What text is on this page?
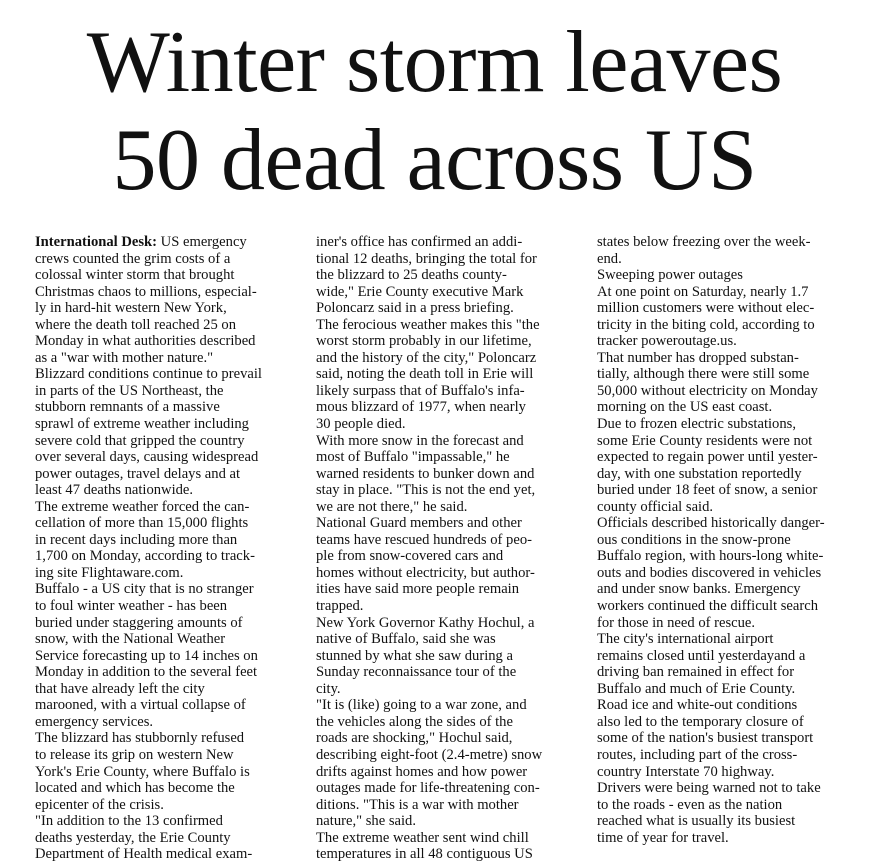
Winter storm leaves
50 dead across US
International Desk: US emergency
crews counted the grim costs of a
colossal winter storm that brought
Christmas chaos to millions, especial-
ly in hard-hit western New York,
where the death toll reached 25 on
Monday in what authorities described
as a "war with mother nature."
Blizzard conditions continue to prevail
in parts of the US Northeast, the
stubborn remnants of a massive
sprawl of extreme weather including
severe cold that gripped the country
over several days, causing widespread
power outages, travel delays and at
least 47 deaths nationwide.
The extreme weather forced the can-
cellation of more than 15,000 flights
in recent days including more than
1,700 on Monday, according to track-
ing site Flightaware.com.
Buffalo - a US city that is no stranger
to foul winter weather - has been
buried under staggering amounts of
snow, with the National Weather
Service forecasting up to 14 inches on
Monday in addition to the several feet
that have already left the city
marooned, with a virtual collapse of
emergency services.
The blizzard has stubbornly refused
to release its grip on western New
York's Erie County, where Buffalo is
located and which has become the
epicenter of the crisis.
"In addition to the 13 confirmed
deaths yesterday, the Erie County
Department of Health medical exam-
iner's office has confirmed an addi-
tional 12 deaths, bringing the total for
the blizzard to 25 deaths county-
wide," Erie County executive Mark
Poloncarz said in a press briefing.
The ferocious weather makes this "the
worst storm probably in our lifetime,
and the history of the city," Poloncarz
said, noting the death toll in Erie will
likely surpass that of Buffalo's infa-
mous blizzard of 1977, when nearly
30 people died.
With more snow in the forecast and
most of Buffalo "impassable," he
warned residents to bunker down and
stay in place. "This is not the end yet,
we are not there," he said.
National Guard members and other
teams have rescued hundreds of peo-
ple from snow-covered cars and
homes without electricity, but author-
ities have said more people remain
trapped.
New York Governor Kathy Hochul, a
native of Buffalo, said she was
stunned by what she saw during a
Sunday reconnaissance tour of the
city.
"It is (like) going to a war zone, and
the vehicles along the sides of the
roads are shocking," Hochul said,
describing eight-foot (2.4-metre) snow
drifts against homes and how power
outages made for life-threatening con-
ditions. "This is a war with mother
nature," she said.
The extreme weather sent wind chill
temperatures in all 48 contiguous US
states below freezing over the week-
end.
Sweeping power outages
At one point on Saturday, nearly 1.7
million customers were without elec-
tricity in the biting cold, according to
tracker poweroutage.us.
That number has dropped substan-
tially, although there were still some
50,000 without electricity on Monday
morning on the US east coast.
Due to frozen electric substations,
some Erie County residents were not
expected to regain power until yester-
day, with one substation reportedly
buried under 18 feet of snow, a senior
county official said.
Officials described historically danger-
ous conditions in the snow-prone
Buffalo region, with hours-long white-
outs and bodies discovered in vehicles
and under snow banks. Emergency
workers continued the difficult search
for those in need of rescue.
The city's international airport
remains closed until yesterdayand a
driving ban remained in effect for
Buffalo and much of Erie County.
Road ice and white-out conditions
also led to the temporary closure of
some of the nation's busiest transport
routes, including part of the cross-
country Interstate 70 highway.
Drivers were being warned not to take
to the roads - even as the nation
reached what is usually its busiest
time of year for travel.
